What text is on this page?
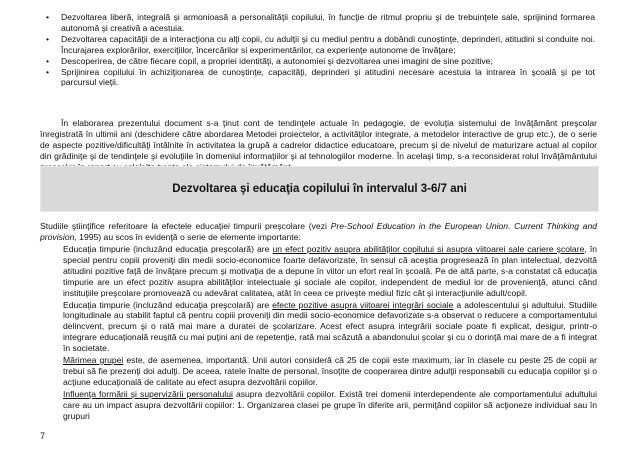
• Dezvoltarea liberă, integrală şi armonioasă a personalităţii copilului, în funcţie de ritmul propriu şi de trebuinţele sale, sprijinind formarea autonomă şi creativă a acestuia.
• Dezvoltarea capacităţii de a interacţiona cu alţi copii, cu adulţii şi cu mediul pentru a dobândi cunoştinţe, deprinderi, atitudini si conduite noi. Încurajarea explorărilor, exerciţiilor, încercărilor si experimentărilor, ca experienţe autonome de învăţare;
• Descoperirea, de către fiecare copil, a propriei identităţi, a autonomiei şi dezvoltarea unei imagini de sine pozitive;
• Sprijinirea copilului în achiziţionarea de cunoştinţe, capacităţi, deprinderi şi atitudini necesare acestuia la intrarea în şcoală şi pe tot parcursul vieţii.

În elaborarea prezentului document s-a ţinut cont de tendinţele actuale în pedagogie, de evoluţia sistemului de învăţământ preşcolar înregistrată în ultimii ani (deschidere către abordarea Metodei proiectelor, a activităţilor integrate, a metodelor interactive de grup etc.), de o serie de aspecte pozitive/dificultăţi întâlnite în activitatea la grupă a cadrelor didactice educatoare, precum şi de nivelul de maturizare actual al copilor din grădiniţe şi de tendinţele şi evoluţiile în domeniul informaţiilor şi al tehnologiilor moderne. În acelaşi timp, s-a reconsiderat rolul învăţământului

Dezvoltarea şi educaţia copilului în intervalul 3-6/7 ani

Studiile ştiinţifice referitoare la efectele educaţiei timpurii preşcolare (vezi Pre-School Education in the European Union. Current Thinking and provision, 1995) au scos în evidenţă o serie de elemente importante:

Educaţia timpurie (incluzând educaţia preşcolară) are un efect pozitiv asupra abilităţilor copilului si asupra viitoarei sale cariere şcolare, în special pentru copiii proveniţi din medii socio-economice foarte defavorizate, în sensul că aceştia progresează în plan intelectual, dezvoltă atitudini pozitive faţă de învăţare precum şi motivaţia de a depune în viitor un efort real în şcoală. Pe de altă parte, s-a constatat că educaţia timpurie are un efect pozitiv asupra abilităţilor intelectuale şi sociale ale copilor, independent de mediul lor de provenienţă, atunci când instituţiile preşcolare promovează cu adevărat calitatea, atât în ceea ce priveşte mediul fizic cât şi interacţiunile adult/copil.
Educaţia timpurie (incluzând educaţia preşcolară) are efecte pozitive asupra viitoarei integrări sociale a adolescentului şi adultului. Studiile longitudinale au stabilit faptul că pentru copiii proveniţi din medii socio-economice defavorizate s-a observat o reducere a comportamentului delincvent, precum şi o rată mai mare a duratei de şcolarizare. Acest efect asupra integrării sociale poate fi explicat, desigur, printr-o integrare educaţională reuşită cu mai puţini ani de repetenţie, rată mai scăzută a abandonului şcolar şi cu o dorinţă mai mare de a fi integrat în societate.
Mărimea grupei este, de asemenea, importantă. Unii autori consideră că 25 de copii este maximum, iar în clasele cu peste 25 de copii ar trebui să fie prezenţi doi adulţi. De aceea, ratele înalte de personal, însoţite de cooperarea dintre adulţii responsabili cu educaţia copiilor şi o acţiune educaţională de calitate au efect asupra dezvoltării copiilor.
Influenţa formării şi supervizării personalului asupra dezvoltării copiilor. Există trei domenii interdependente ale comportamentului adultului care au un impact asupra dezvoltării copiilor: 1. Organizarea clasei pe grupe în diferite arii, permiţând copiilor să acţioneze individual sau în grupuri
7
